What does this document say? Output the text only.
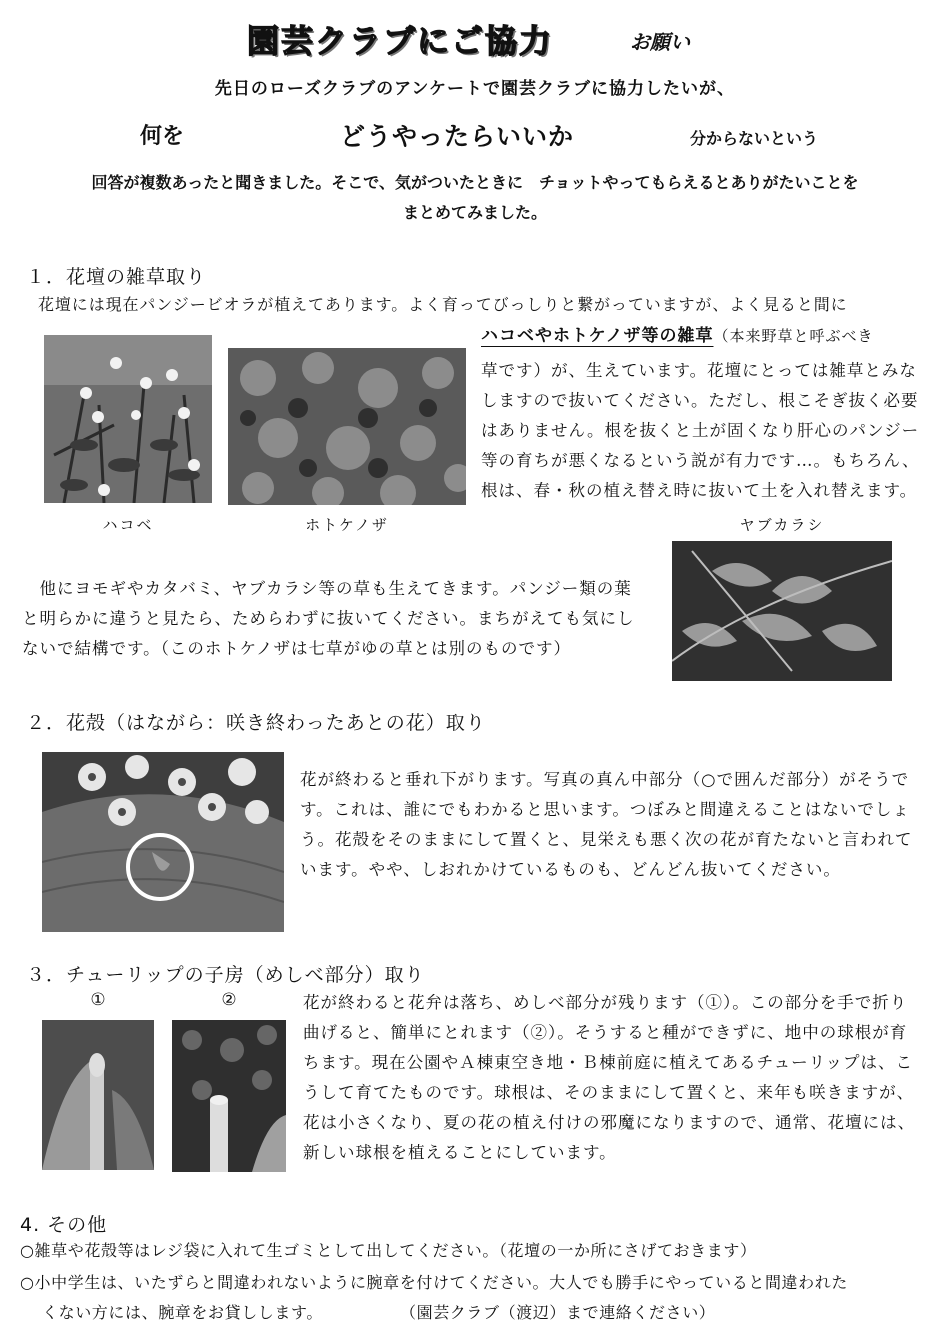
園芸クラブにご協力	お願い
先日のローズクラブのアンケートで園芸クラブに協力したいが、
何を	どうやったらいいか	分からないという
回答が複数あったと聞きました。そこで、気がついたときに　チョットやってもらえるとありがたいことを
まとめてみました。
１．花壇の雑草取り
花壇には現在パンジービオラが植えてあります。よく育ってびっしりと繋がっていますが、よく見ると間に
ハコベやホトケノザ等の雑草（本来野草と呼ぶべき
草です）が、生えています。花壇にとっては雑草とみな
しますので抜いてください。ただし、根こそぎ抜く必要
はありません。根を抜くと土が固くなり肝心のパンジー
等の育ちが悪くなるという説が有力です…。もちろん、
根は、春・秋の植え替え時に抜いて土を入れ替えます。
ハコベ	ホトケノザ	ヤブカラシ
　他にヨモギやカタバミ、ヤブカラシ等の草も生えてきます。パンジー類の葉
と明らかに違うと見たら、ためらわずに抜いてください。まちがえても気にし
ないで結構です。（このホトケノザは七草がゆの草とは別のものです）
２．花殻（はながら：咲き終わったあとの花）取り
花が終わると垂れ下がります。写真の真ん中部分（○で囲んだ部分）がそうで
す。これは、誰にでもわかると思います。つぼみと間違えることはないでしょ
う。花殻をそのままにして置くと、見栄えも悪く次の花が育たないと言われて
います。やや、しおれかけているものも、どんどん抜いてください。
３．チューリップの子房（めしべ部分）取り
①	②	花が終わると花弁は落ち、めしべ部分が残ります（①）。この部分を手で折り
曲げると、簡単にとれます（②）。そうすると種ができずに、地中の球根が育
ちます。現在公園やＡ棟東空き地・Ｂ棟前庭に植えてあるチューリップは、こ
うして育てたものです。球根は、そのままにして置くと、来年も咲きますが、
花は小さくなり、夏の花の植え付けの邪魔になりますので、通常、花壇には、
新しい球根を植えることにしています。
4. その他
○雑草や花殻等はレジ袋に入れて生ゴミとして出してください。（花壇の一か所にさげておきます）
○小中学生は、いたずらと間違われないように腕章を付けてください。大人でも勝手にやっていると間違われた
くない方には、腕章をお貸しします。	（園芸クラブ（渡辺）まで連絡ください）
